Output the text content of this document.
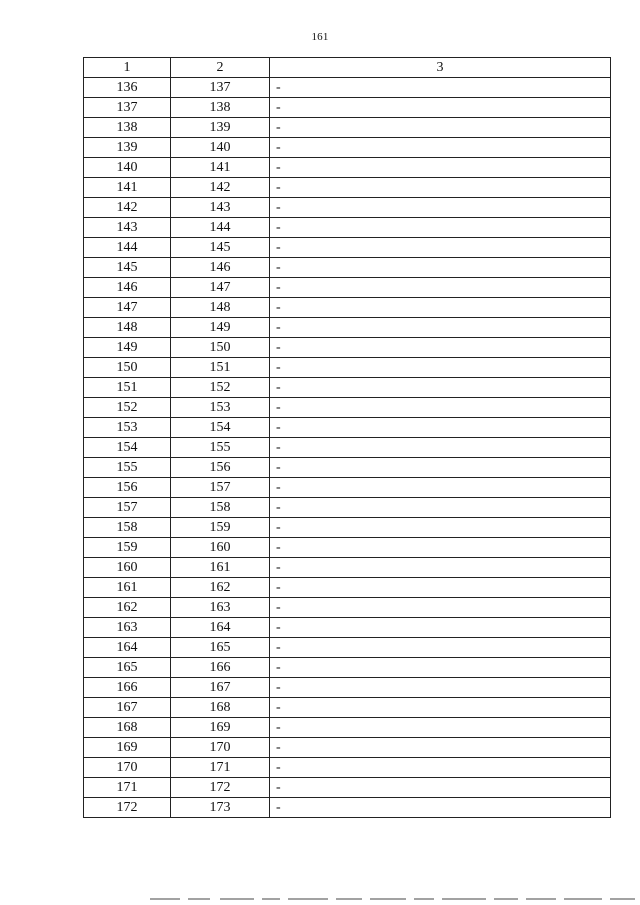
161
1	2	3
136	137	-
137	138	-
138	139	-
139	140	-
140	141	-
141	142	-
142	143	-
143	144	-
144	145	-
145	146	-
146	147	-
147	148	-
148	149	-
149	150	-
150	151	-
151	152	-
152	153	-
153	154	-
154	155	-
155	156	-
156	157	-
157	158	-
158	159	-
159	160	-
160	161	-
161	162	-
162	163	-
163	164	-
164	165	-
165	166	-
166	167	-
167	168	-
168	169	-
169	170	-
170	171	-
171	172	-
172	173	-
